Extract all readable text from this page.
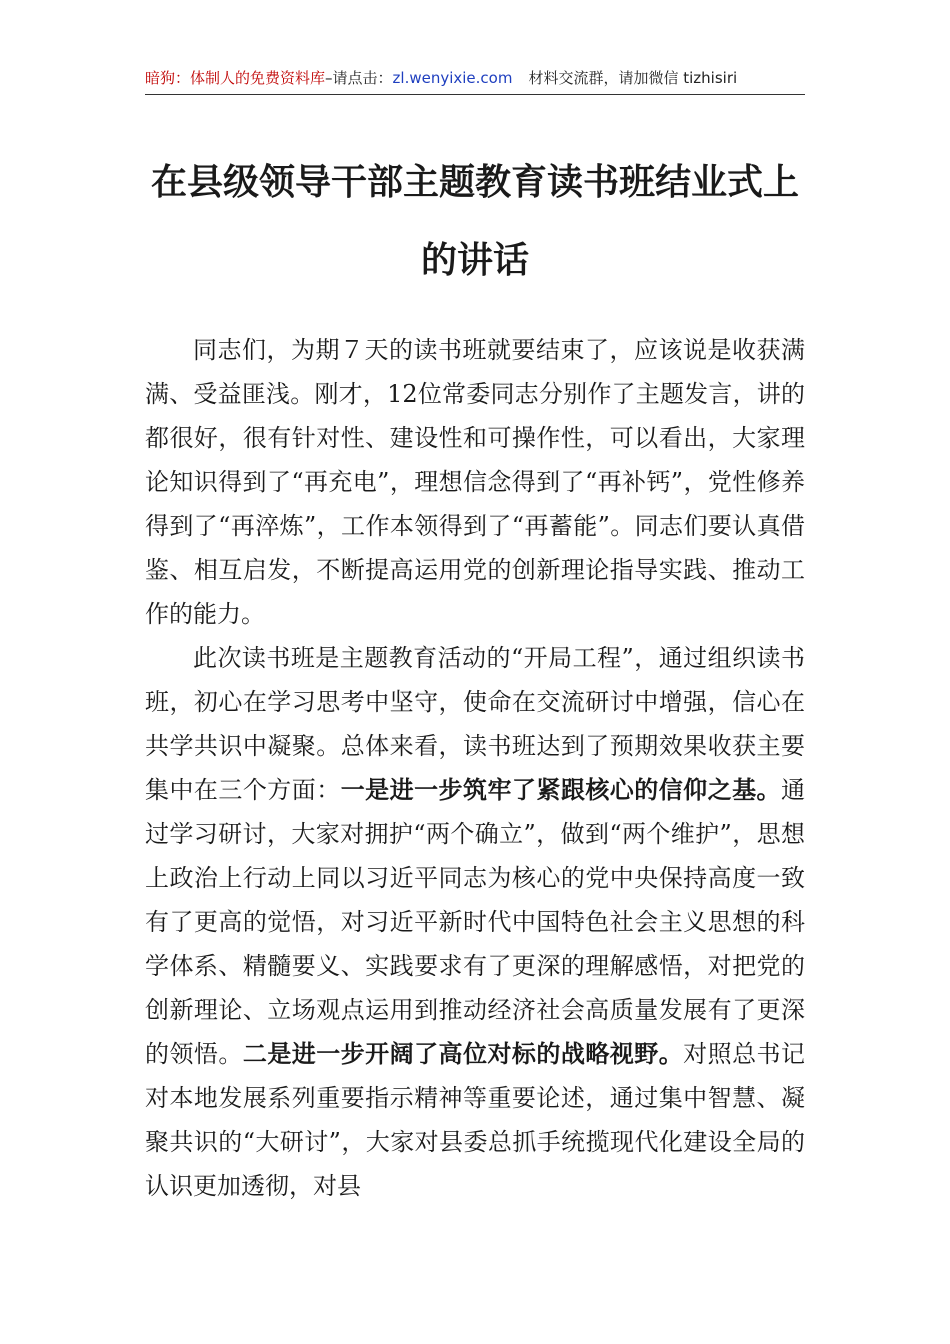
暗狗：体制人的免费资料库–请点击：zl.wenyixie.com 材料交流群，请加微信 tizhisiri
在县级领导干部主题教育读书班结业式上
的讲话

同志们，为期７天的读书班就要结束了，应该说是收获满满、受益匪浅。刚才，12位常委同志分别作了主题发言，讲的都很好，很有针对性、建设性和可操作性，可以看出，大家理论知识得到了“再充电”，理想信念得到了“再补钙”，党性修养得到了“再淬炼”，工作本领得到了“再蓄能”。同志们要认真借鉴、相互启发，不断提高运用党的创新理论指导实践、推动工作的能力。

此次读书班是主题教育活动的“开局工程”，通过组织读书班，初心在学习思考中坚守，使命在交流研讨中增强，信心在共学共识中凝聚。总体来看，读书班达到了预期效果收获主要集中在三个方面：一是进一步筑牢了紧跟核心的信仰之基。通过学习研讨，大家对拥护“两个确立”，做到“两个维护”，思想上政治上行动上同以习近平同志为核心的党中央保持高度一致有了更高的觉悟，对习近平新时代中国特色社会主义思想的科学体系、精髓要义、实践要求有了更深的理解感悟，对把党的创新理论、立场观点运用到推动经济社会高质量发展有了更深的领悟。二是进一步开阔了高位对标的战略视野。对照总书记对本地发展系列重要指示精神等重要论述，通过集中智慧、凝聚共识的“大研讨”，大家对县委总抓手统揽现代化建设全局的认识更加透彻，对县
